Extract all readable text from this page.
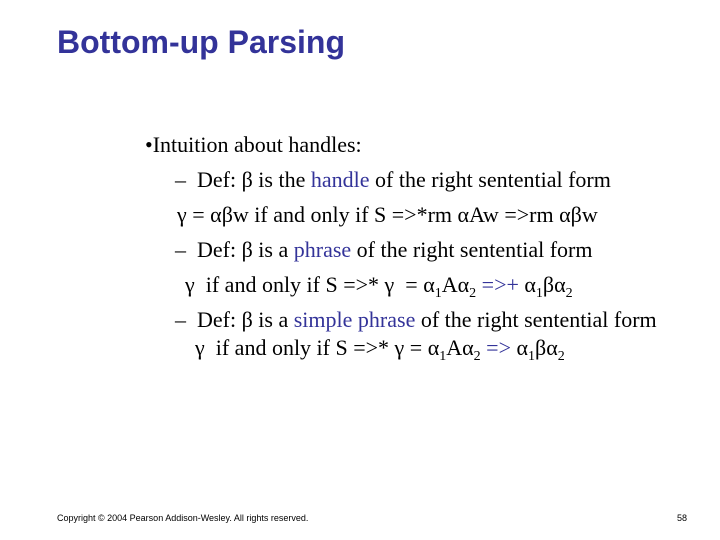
Bottom-up Parsing
•Intuition about handles:
– Def: β is the handle of the right sentential form
γ = αβw if and only if S =>*rm αAw =>rm αβw
– Def: β is a phrase of the right sentential form
γ if and only if S =>* $\gamma = \alpha_1A\alpha_2$ =>+ $\alpha_1\beta\alpha_2$
– Def: β is a simple phrase of the right sentential form
γ if and only if S =>* $\gamma = \alpha_1A\alpha_2 => \alpha_1\beta\alpha_2$
Copyright © 2004 Pearson Addison-Wesley. All rights reserved.	58
